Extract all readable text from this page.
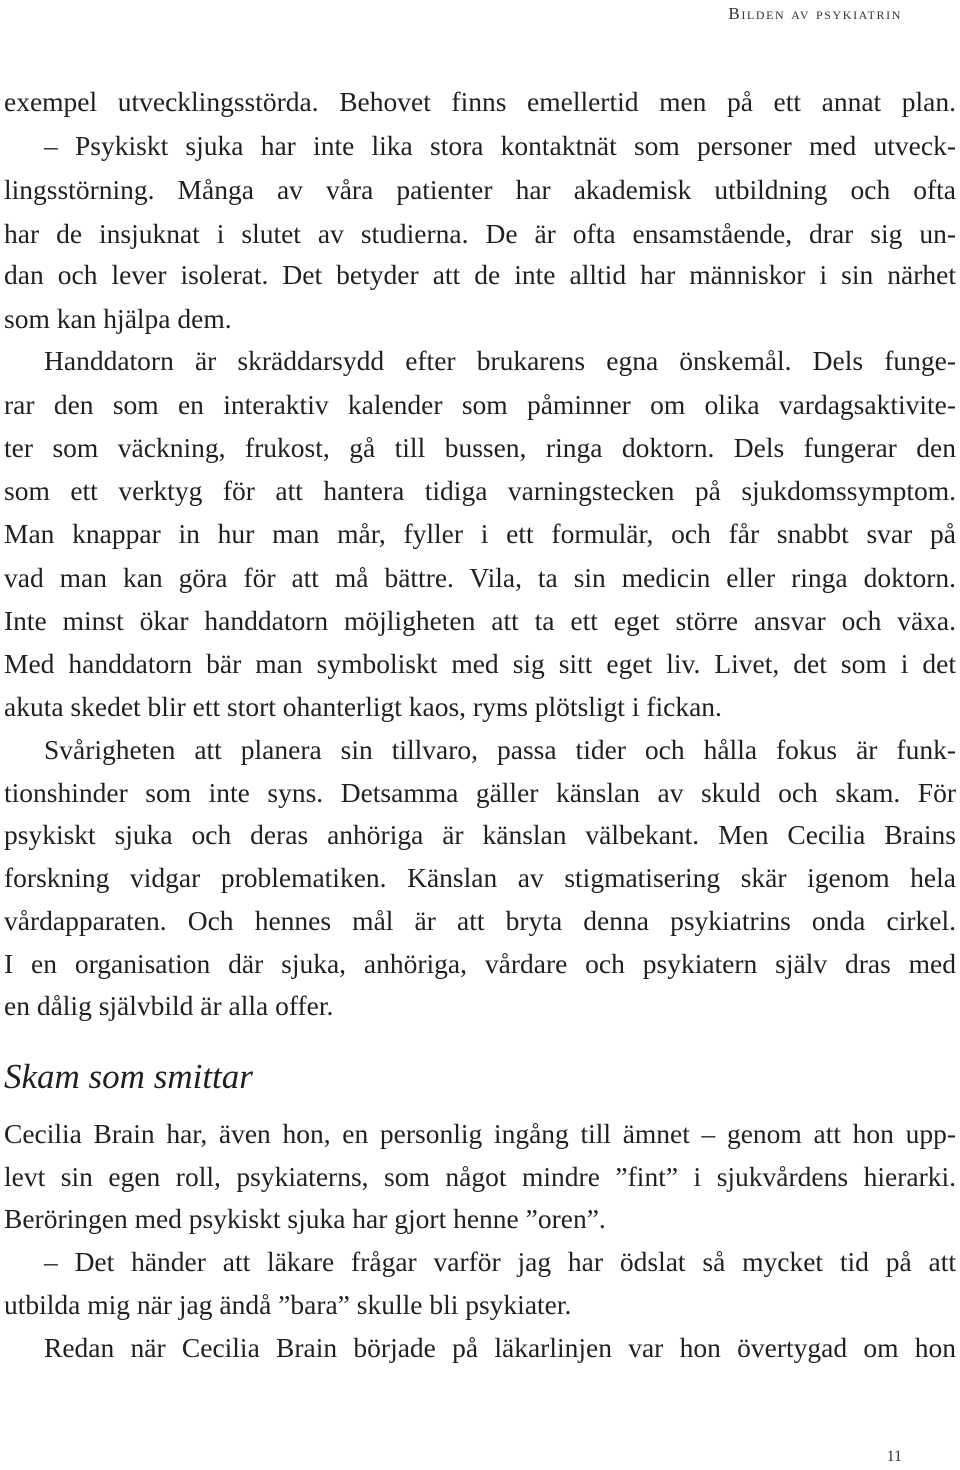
Bilden av psykiatrin
exempel utvecklingsstörda. Behovet finns emellertid men på ett annat plan.
– Psykiskt sjuka har inte lika stora kontaktnät som personer med utveck-
lingsstörning. Många av våra patienter har akademisk utbildning och ofta
har de insjuknat i slutet av studierna. De är ofta ensamstående, drar sig un-
dan och lever isolerat. Det betyder att de inte alltid har människor i sin närhet
som kan hjälpa dem.
Handdatorn är skräddarsydd efter brukarens egna önskemål. Dels funge-
rar den som en interaktiv kalender som påminner om olika vardagsaktivite-
ter som väckning, frukost, gå till bussen, ringa doktorn. Dels fungerar den
som ett verktyg för att hantera tidiga varningstecken på sjukdomssymptom.
Man knappar in hur man mår, fyller i ett formulär, och får snabbt svar på
vad man kan göra för att må bättre. Vila, ta sin medicin eller ringa doktorn.
Inte minst ökar handdatorn möjligheten att ta ett eget större ansvar och växa.
Med handdatorn bär man symboliskt med sig sitt eget liv. Livet, det som i det
akuta skedet blir ett stort ohanterligt kaos, ryms plötsligt i fickan.
Svårigheten att planera sin tillvaro, passa tider och hålla fokus är funk-
tionshinder som inte syns. Detsamma gäller känslan av skuld och skam. För
psykiskt sjuka och deras anhöriga är känslan välbekant. Men Cecilia Brains
forskning vidgar problematiken. Känslan av stigmatisering skär igenom hela
vårdapparaten. Och hennes mål är att bryta denna psykiatrins onda cirkel.
I en organisation där sjuka, anhöriga, vårdare och psykiatern själv dras med
en dålig självbild är alla offer.
Skam som smittar
Cecilia Brain har, även hon, en personlig ingång till ämnet – genom att hon upp-
levt sin egen roll, psykiaterns, som något mindre ”fint” i sjukvårdens hierarki.
Beröringen med psykiskt sjuka har gjort henne ”oren”.
– Det händer att läkare frågar varför jag har ödslat så mycket tid på att
utbilda mig när jag ändå ”bara” skulle bli psykiater.
Redan när Cecilia Brain började på läkarlinjen var hon övertygad om hon
11
